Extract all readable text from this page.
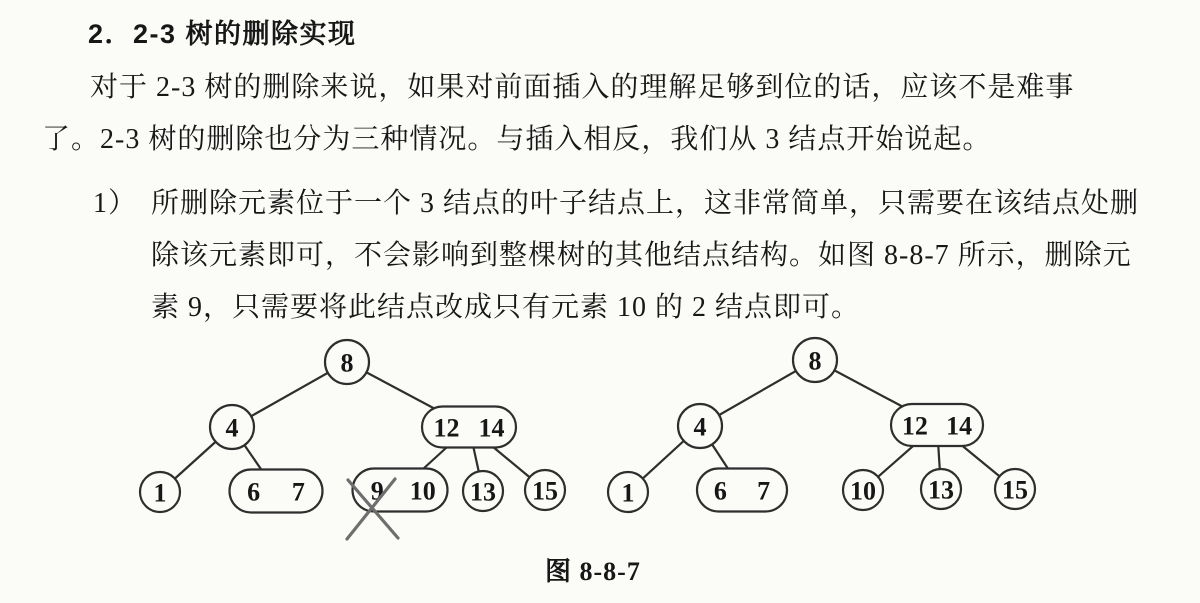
2．2-3 树的删除实现

对于 2-3 树的删除来说，如果对前面插入的理解足够到位的话，应该不是难事

了。2-3 树的删除也分为三种情况。与插入相反，我们从 3 结点开始说起。

1） 所删除元素位于一个 3 结点的叶子结点上，这非常简单，只需要在该结点处删

除该元素即可，不会影响到整棵树的其他结点结构。如图 8-8-7 所示，删除元

素 9，只需要将此结点改成只有元素 10 的 2 结点即可。

8
4	12 14
1	6 7	9 10 13 15
8
4	12 14
1	6 7	10 13 15

图 8-8-7
